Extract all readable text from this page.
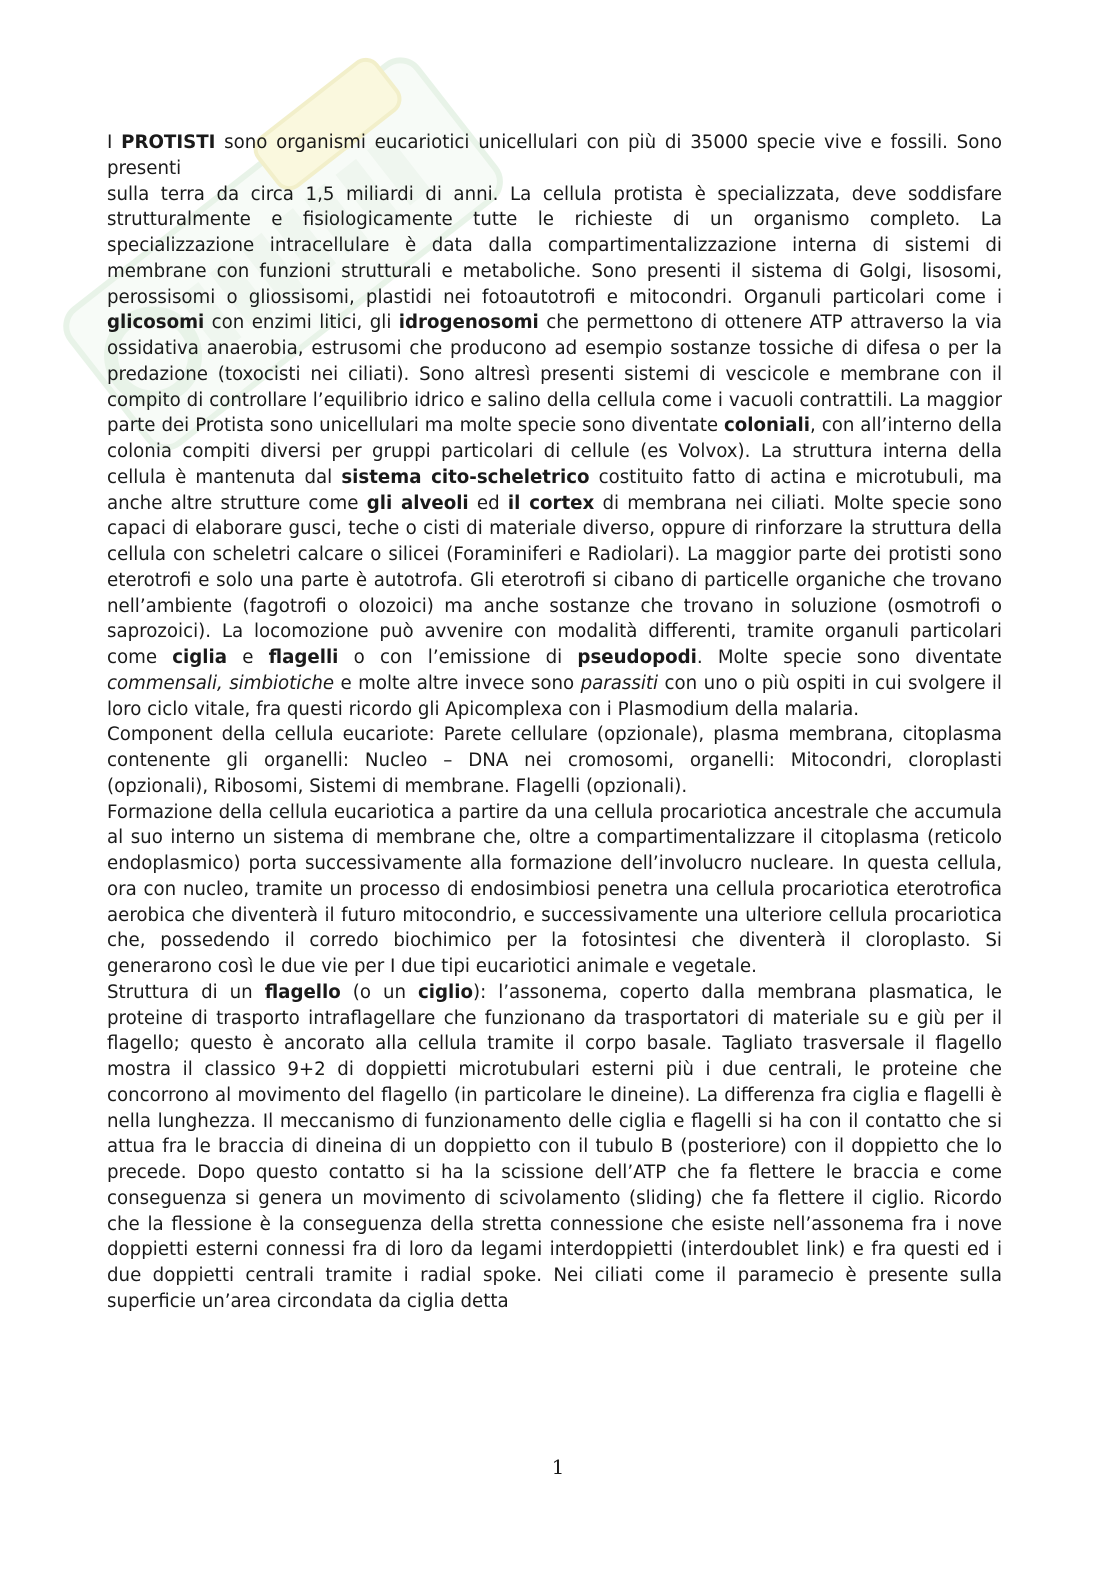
I PROTISTI sono organismi eucariotici unicellulari con più di 35000 specie vive e fossili. Sono presenti

sulla terra da circa 1,5 miliardi di anni. La cellula protista è specializzata, deve soddisfare strutturalmente e fisiologicamente tutte le richieste di un organismo completo. La specializzazione intracellulare è data dalla compartimentalizzazione interna di sistemi di membrane con funzioni strutturali e metaboliche. Sono presenti il sistema di Golgi, lisosomi, perossisomi o gliossisomi, plastidi nei fotoautotrofi e mitocondri. Organuli particolari come i glicosomi con enzimi litici, gli idrogenosomi che permettono di ottenere ATP attraverso la via ossidativa anaerobia, estrusomi che producono ad esempio sostanze tossiche di difesa o per la predazione (toxocisti nei ciliati). Sono altresì presenti sistemi di vescicole e membrane con il compito di controllare l’equilibrio idrico e salino della cellula come i vacuoli contrattili. La maggior parte dei Protista sono unicellulari ma molte specie sono diventate coloniali, con all’interno della colonia compiti diversi per gruppi particolari di cellule (es Volvox). La struttura interna della cellula è mantenuta dal sistema cito-scheletrico costituito fatto di actina e microtubuli, ma anche altre strutture come gli alveoli ed il cortex di membrana nei ciliati. Molte specie sono capaci di elaborare gusci, teche o cisti di materiale diverso, oppure di rinforzare la struttura della cellula con scheletri calcare o silicei (Foraminiferi e Radiolari). La maggior parte dei protisti sono eterotrofi e solo una parte è autotrofa. Gli eterotrofi si cibano di particelle organiche che trovano nell’ambiente (fagotrofi o olozoici) ma anche sostanze che trovano in soluzione (osmotrofi o saprozoici). La locomozione può avvenire con modalità differenti, tramite organuli particolari come ciglia e flagelli o con l’emissione di pseudopodi. Molte specie sono diventate commensali, simbiotiche e molte altre invece sono parassiti con uno o più ospiti in cui svolgere il loro ciclo vitale, fra questi ricordo gli Apicomplexa con i Plasmodium della malaria.

Component della cellula eucariote: Parete cellulare (opzionale), plasma membrana, citoplasma contenente gli organelli: Nucleo – DNA nei cromosomi, organelli: Mitocondri, cloroplasti (opzionali), Ribosomi, Sistemi di membrane. Flagelli (opzionali).

Formazione della cellula eucariotica a partire da una cellula procariotica ancestrale che accumula al suo interno un sistema di membrane che, oltre a compartimentalizzare il citoplasma (reticolo endoplasmico) porta successivamente alla formazione dell’involucro nucleare. In questa cellula, ora con nucleo, tramite un processo di endosimbiosi penetra una cellula procariotica eterotrofica aerobica che diventerà il futuro mitocondrio, e successivamente una ulteriore cellula procariotica che, possedendo il corredo biochimico per la fotosintesi che diventerà il cloroplasto. Si generarono così le due vie per I due tipi eucariotici animale e vegetale.

Struttura di un flagello (o un ciglio): l’assonema, coperto dalla membrana plasmatica, le proteine di trasporto intraflagellare che funzionano da trasportatori di materiale su e giù per il flagello; questo è ancorato alla cellula tramite il corpo basale. Tagliato trasversale il flagello mostra il classico 9+2 di doppietti microtubulari esterni più i due centrali, le proteine che concorrono al movimento del flagello (in particolare le dineine). La differenza fra ciglia e flagelli è nella lunghezza. Il meccanismo di funzionamento delle ciglia e flagelli si ha con il contatto che si attua fra le braccia di dineina di un doppietto con il tubulo B (posteriore) con il doppietto che lo precede. Dopo questo contatto si ha la scissione dell’ATP che fa flettere le braccia e come conseguenza si genera un movimento di scivolamento (sliding) che fa flettere il ciglio. Ricordo che la flessione è la conseguenza della stretta connessione che esiste nell’assonema fra i nove doppietti esterni connessi fra di loro da legami interdoppietti (interdoublet link) e fra questi ed i due doppietti centrali tramite i radial spoke. Nei ciliati come il paramecio è presente sulla superficie un’area circondata da ciglia detta

1
